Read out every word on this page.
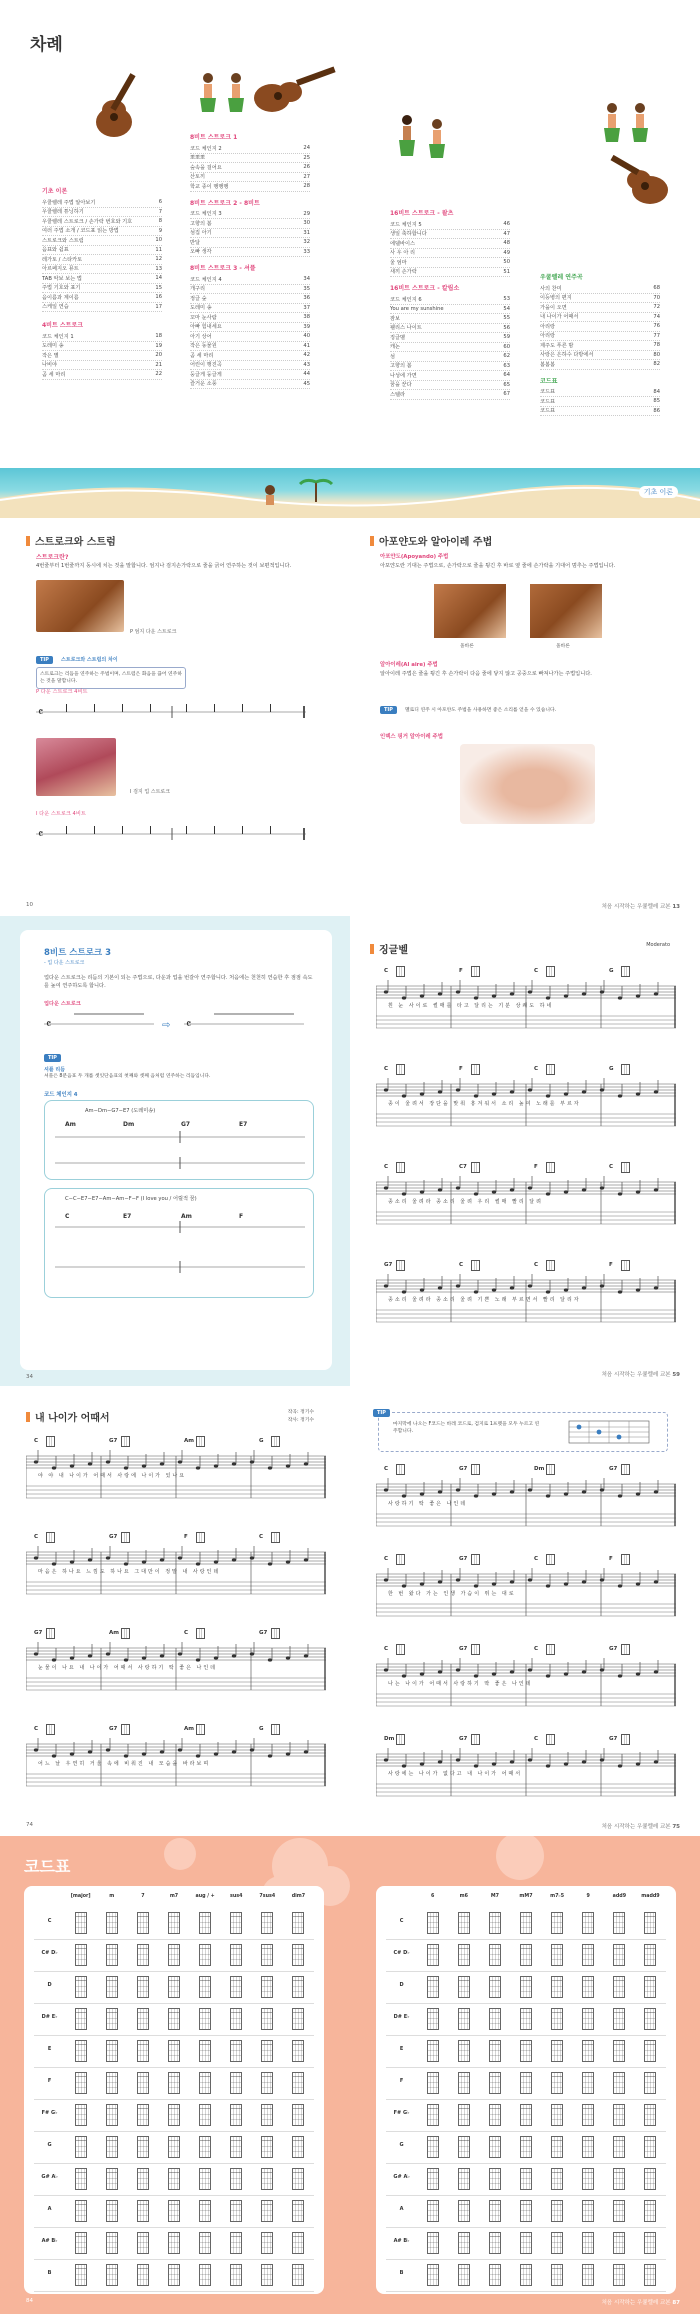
차례
기초 이론
우쿨렐레 주법 알아보기	6
우쿨렐레 튜닝하기	7
우쿨렐레 스트로크 / 손가락 번호와 기호	8
여러 주법 소개 / 코드표 읽는 방법	9
스트로크와 스트럼	10
음표와 쉼표	11
레가토 / 스타카토	12
아르페지오 뮤트	13
TAB 악보 보는 법	14
주법 기호와 표기	15
음이름과 계이름	16
스케일 연습	17
4비트 스트로크
코드 체인지 1	18
도레미 송	19
작은 별	20
나비야	21
곰 세 마리	22
8비트 스트로크 1
코드 체인지 2	24
뽀뽀뽀	25
숲속을 걸어요	26
산토끼	27
학교 종이 땡땡땡	28
8비트 스트로크 2 - 8비트
코드 체인지 3	29
고향의 봄	30
섬집 아기	31
반달	32
오빠 생각	33
8비트 스트로크 3 - 셔플
코드 체인지 4	34
개구리	35
정글 숲	36
도레미 송	37
꼬마 눈사람	38
아빠 힘내세요	39
아기 상어	40
작은 동물원	41
곰 세 마리	42
어린이 행진곡	43
둥글게 둥글게	44
즐거운 소풍	45
16비트 스트로크 - 왈츠
코드 체인지 5	46
생일 축하합니다	47
에델바이스	48
사 우 아 리	49
울 엄마	50
새끼 손가락	51
16비트 스트로크 - 칼립소
코드 체인지 6	53
You are my sunshine	54
잠보	55
웰리스 나이트	56
징글벨	59
캐논	60
섬	62
고향의 봄	63
나성에 가면	64
꿈을 꾼다	65
스텔라	67
우쿨렐레 연주곡
사의 찬미	68
이등병의 편지	70
가을이 오면	72
내 나이가 어때서	74
아리랑	76
아리랑	77
제주도 푸른 밤	78
사랑은 은하수 다방에서	80
봄봄봄	82
코드표
코드표	84
코드표	85
코드표	86
기초 이론
스트로크와 스트럼
스트로크란?
4번줄부터 1번줄까지 동시에 치는 것을 말합니다. 엄지나 검지손가락으로 줄을 긁어 연주하는 것이 보편적입니다.
P 엄지 다운 스트로크
TIP 스트로크와 스트럼의 차이
스트로크는 리듬을 연주하는 주법이며, 스트럼은 화음을 끊어 연주하는 것을 말합니다.
P 다운 스트로크 4비트
𝄴
I 검지 업 스트로크
I 다운 스트로크 4비트
𝄴
10
아포얀도와 알아이레 주법
아포얀도(Apoyando) 주법
아포얀도란 기대는 주법으로, 손가락으로 줄을 튕긴 후 바로 옆 줄에 손가락을 기대어 멈추는 주법입니다.
올바른	올바른
알아이레(Al aire) 주법
알아이레 주법은 줄을 튕긴 후 손가락이 다음 줄에 닿지 않고 공중으로 빠져나가는 주법입니다.
TIP	멜로디 연주 시 아포얀도 주법을 사용하면 좋은 소리를 얻을 수 있습니다.
인덱스 핑거 알아이레 주법
처음 시작하는 우쿨렐레 교본 13
8비트 스트로크 3
- 업 다운 스트로크
업다운 스트로크는 리듬의 기본이 되는 주법으로, 다운과 업을 번갈아 연주합니다. 처음에는 천천히 연습한 후 점점 속도를 높여 연주하도록 합니다.
업다운 스트로크
𝄴	𝄴
⇨
TIP
셔플 리듬
셔플은 8분음표 두 개를 셋잇단음표의 첫째와 셋째 음처럼 연주하는 리듬입니다.
코드 체인지 4
Am−Dm−G7−E7 (도레미송)
Am	Dm	G7	E7
C−C−E7−E7−Am−Am−F−F (I love you / 어릴적 꿈)
C	E7	Am	F
34
징글벨	Moderato
C	F	C	G
흰 눈 사이로 썰매를 타고 달리는 기분 상쾌도 하네
C	F	C	G
종이 울려서 장단을 맞춰 흥겨워서 소리 높여 노래를 부르자
C	C7	F	C
종소리 울려라 종소리 울려 우리 썰매 빨리 달려
G7	C	C	F
종소리 울려라 종소리 울려 기쁜 노래 부르면서 빨리 달리자
처음 시작하는 우쿨렐레 교본 59
내 나이가 어때서
작곡: 정기수
작사: 정기수
C	G7	Am	G
야 야 내 나이가 어때서 사랑에 나이가 있나요
C	G7	F	C
마음은 하나요 느낌도 하나요 그대만이 정말 내 사랑인데
G7	Am	C	G7
눈물이 나요 내 나이가 어때서 사랑하기 딱 좋은 나인데
C	G7	Am	G
어느 날 우연히 거울 속에 비춰진 내 모습을 바라보며
74
TIP
마지막에 나오는 F코드는 바레 코드로, 검지로 1프렛을 모두 누르고 연주합니다.
C	G7	Dm	G7
사랑하기 딱 좋은 나인데
C	G7	C	F
한 번 왔다 가는 인생 가슴이 뛰는 대로
C	G7	C	G7
나는 나이가 어때서 사랑하기 딱 좋은 나인데
Dm	G7	C	G7
사랑에는 나이가 없다고 내 나이가 어때서
처음 시작하는 우쿨렐레 교본 75
코드표
[major]	m	7	m7	aug / +	sus4	7sus4	dim7
C
C# D♭
D
D# E♭
E
F
F# G♭
G
G# A♭
A
A# B♭
B
6	m6	M7	mM7	m7♭5	9	add9	madd9
C
C# D♭
D
D# E♭
E
F
F# G♭
G
G# A♭
A
A# B♭
B
84	처음 시작하는 우쿨렐레 교본 87
